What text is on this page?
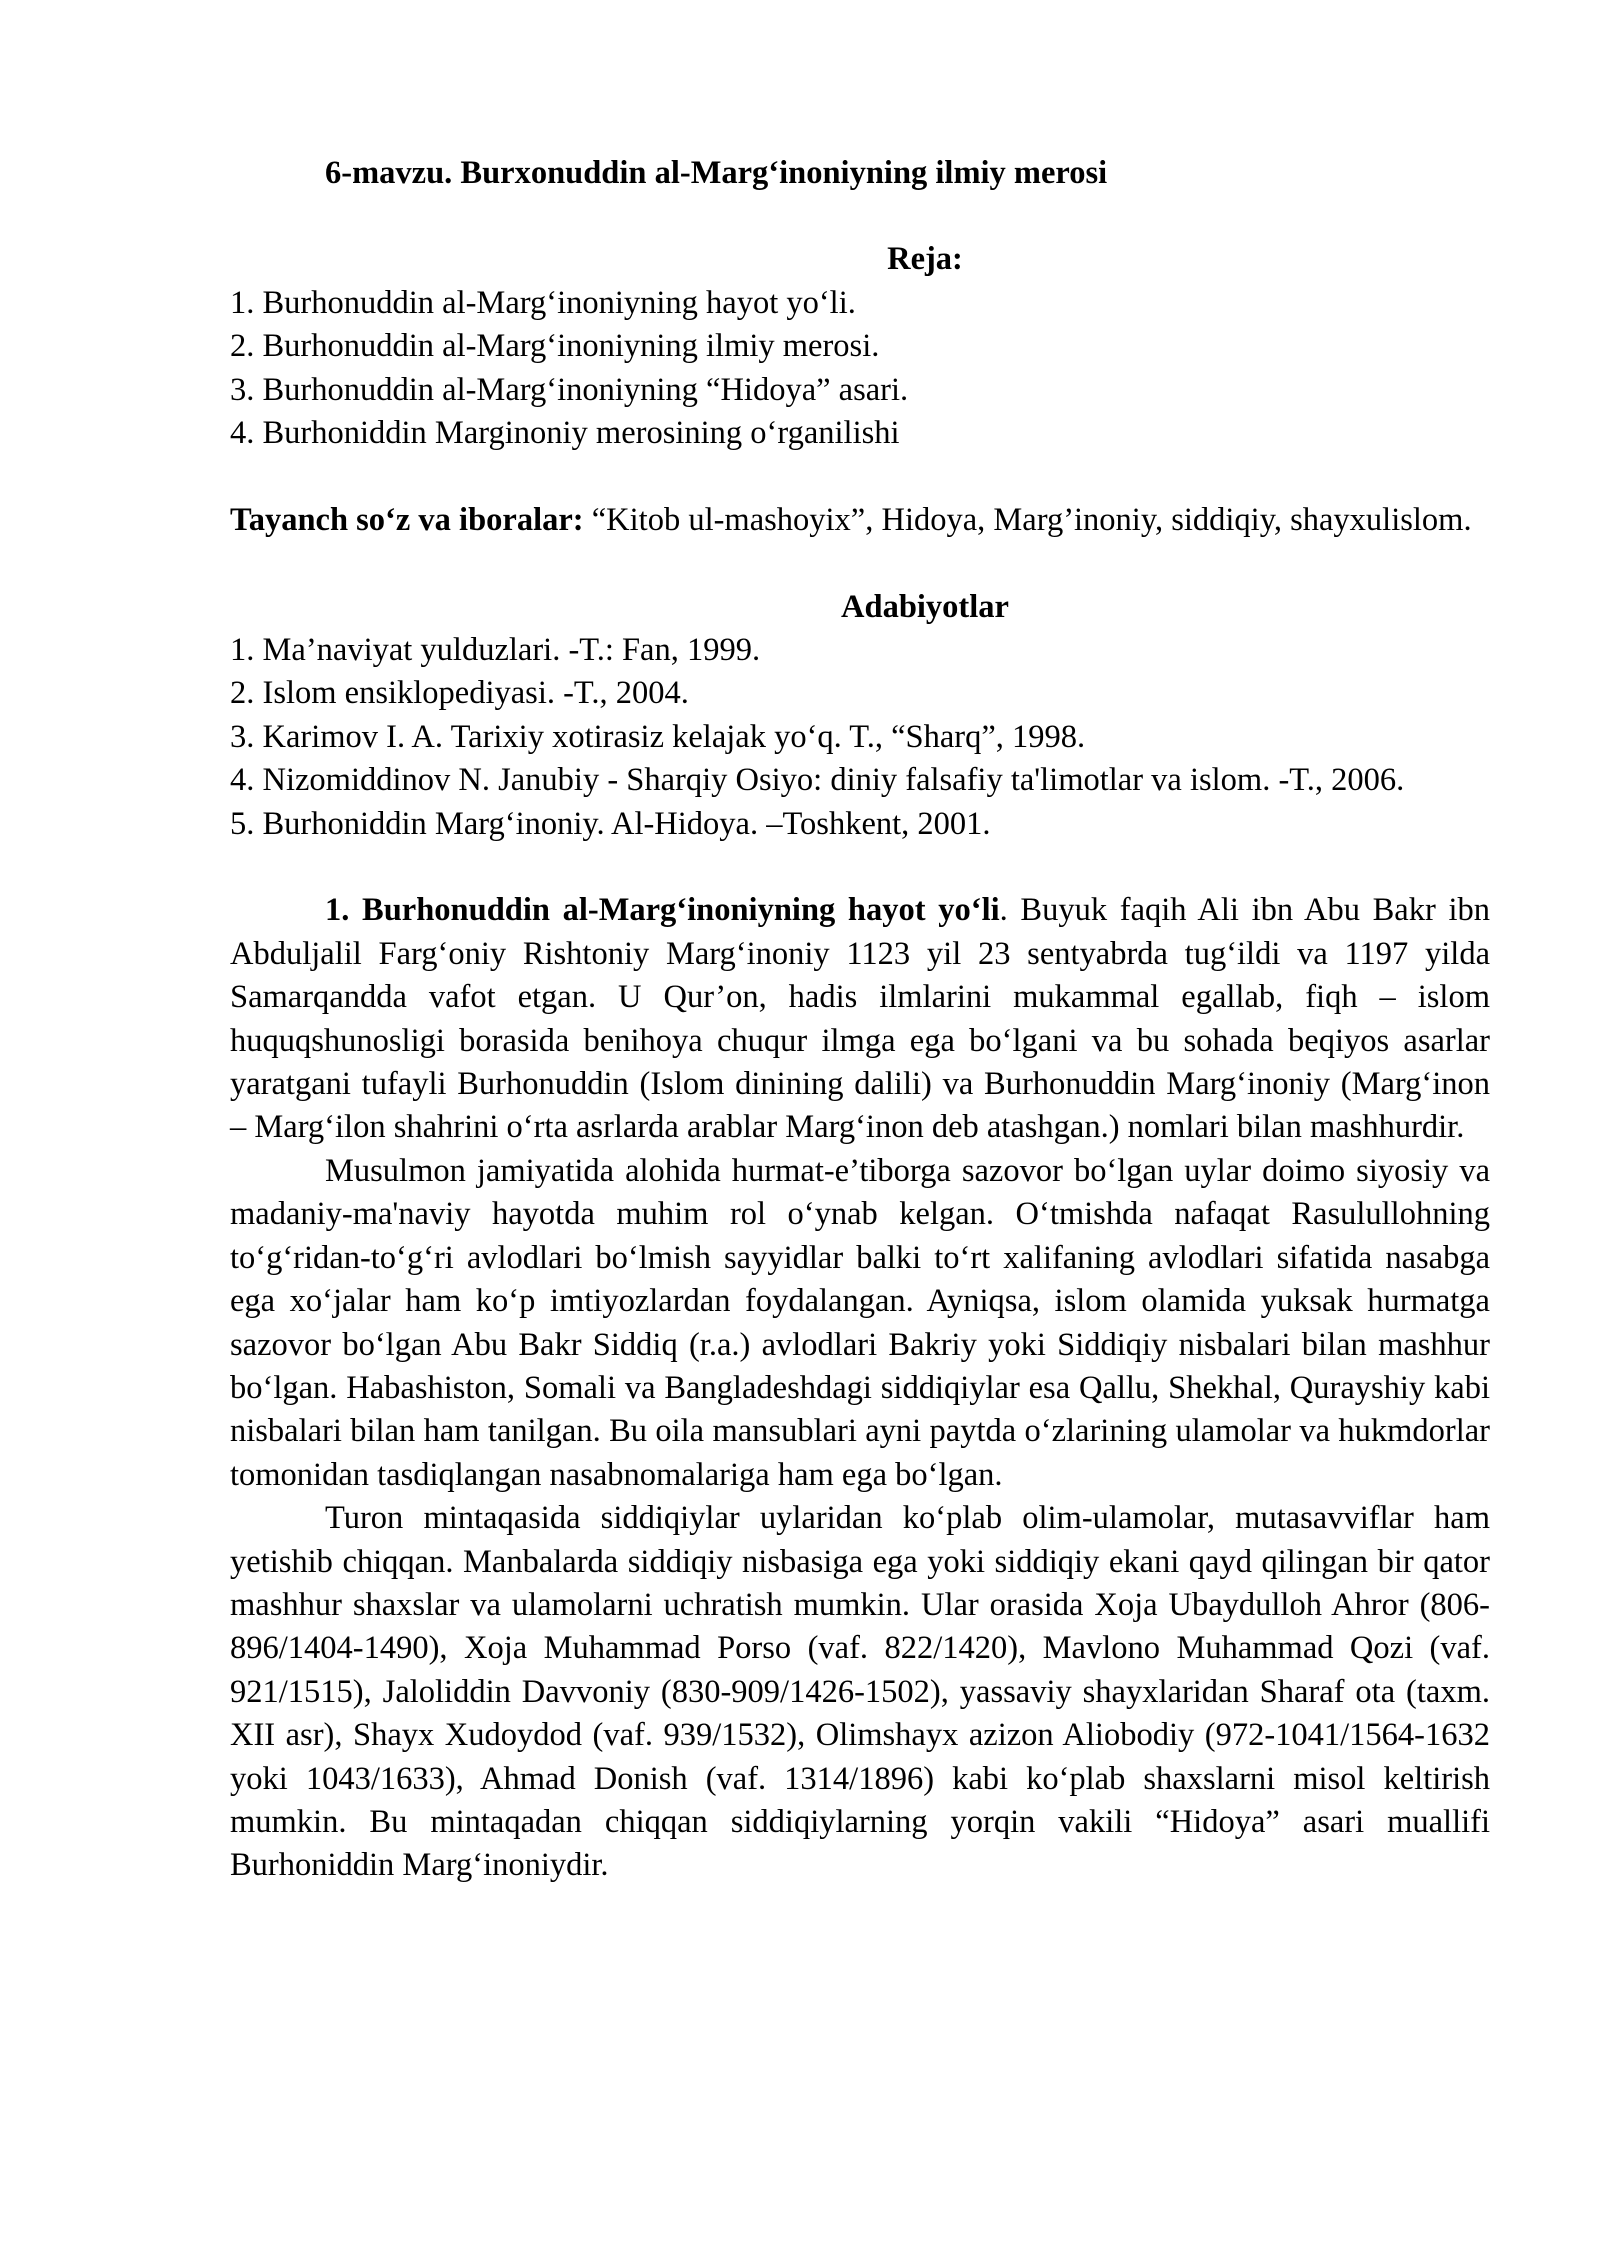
6-mavzu. Burxonuddin al-Marg‘inoniyning ilmiy merosi
Reja:
1. Burhonuddin al-Marg‘inoniyning hayot yo‘li.
2. Burhonuddin al-Marg‘inoniyning ilmiy merosi.
3. Burhonuddin al-Marg‘inoniyning “Hidoya” asari.
4. Burhoniddin Marginoniy merosining o‘rganilishi
Tayanch so‘z va iboralar: “Kitob ul-mashoyix”, Hidoya, Marg’inoniy, siddiqiy, shayxulislom.
Adabiyotlar
1. Ma’naviyat yulduzlari. -T.: Fan, 1999.
2. Islom ensiklopediyasi. -T., 2004.
3. Karimov I. A. Tarixiy xotirasiz kelajak yo‘q. T., “Sharq”, 1998.
4. Nizomiddinov N. Janubiy - Sharqiy Osiyo: diniy falsafiy ta'limotlar va islom. -T., 2006.
5. Burhoniddin Marg‘inoniy. Al-Hidoya. –Toshkent, 2001.
1. Burhonuddin al-Marg‘inoniyning hayot yo‘li. Buyuk faqih Ali ibn Abu Bakr ibn Abduljalil Farg‘oniy Rishtoniy Marg‘inoniy 1123 yil 23 sentyabrda tug‘ildi va 1197 yilda Samarqandda vafot etgan. U Qur’on, hadis ilmlarini mukammal egallab, fiqh – islom huquqshunosligi borasida benihoya chuqur ilmga ega bo‘lgani va bu sohada beqiyos asarlar yaratgani tufayli Burhonuddin (Islom dinining dalili) va Burhonuddin Marg‘inoniy (Marg‘inon – Marg‘ilon shahrini o‘rta asrlarda arablar Marg‘inon deb atashgan.) nomlari bilan mashhurdir.
Musulmon jamiyatida alohida hurmat-e’tiborga sazovor bo‘lgan uylar doimo siyosiy va madaniy-ma'naviy hayotda muhim rol o‘ynab kelgan. O‘tmishda nafaqat Rasulullohning to‘g‘ridan-to‘g‘ri avlodlari bo‘lmish sayyidlar balki to‘rt xalifaning avlodlari sifatida nasabga ega xo‘jalar ham ko‘p imtiyozlardan foydalangan. Ayniqsa, islom olamida yuksak hurmatga sazovor bo‘lgan Abu Bakr Siddiq (r.a.) avlodlari Bakriy yoki Siddiqiy nisbalari bilan mashhur bo‘lgan. Habashiston, Somali va Bangladeshdagi siddiqiylar esa Qallu, Shekhal, Qurayshiy kabi nisbalari bilan ham tanilgan. Bu oila mansublari ayni paytda o‘zlarining ulamolar va hukmdorlar tomonidan tasdiqlangan nasabnomalariga ham ega bo‘lgan.
Turon mintaqasida siddiqiylar uylaridan ko‘plab olim-ulamolar, mutasavviflar ham yetishib chiqqan. Manbalarda siddiqiy nisbasiga ega yoki siddiqiy ekani qayd qilingan bir qator mashhur shaxslar va ulamolarni uchratish mumkin. Ular orasida Xoja Ubaydulloh Ahror (806-896/1404-1490), Xoja Muhammad Porso (vaf. 822/1420), Mavlono Muhammad Qozi (vaf. 921/1515), Jaloliddin Davvoniy (830-909/1426-1502), yassaviy shayxlaridan Sharaf ota (taxm. XII asr), Shayx Xudoydod (vaf. 939/1532), Olimshayx azizon Aliobodiy (972-1041/1564-1632 yoki 1043/1633), Ahmad Donish (vaf. 1314/1896) kabi ko‘plab shaxslarni misol keltirish mumkin. Bu mintaqadan chiqqan siddiqiylarning yorqin vakili “Hidoya” asari muallifi Burhoniddin Marg‘inoniydir.
